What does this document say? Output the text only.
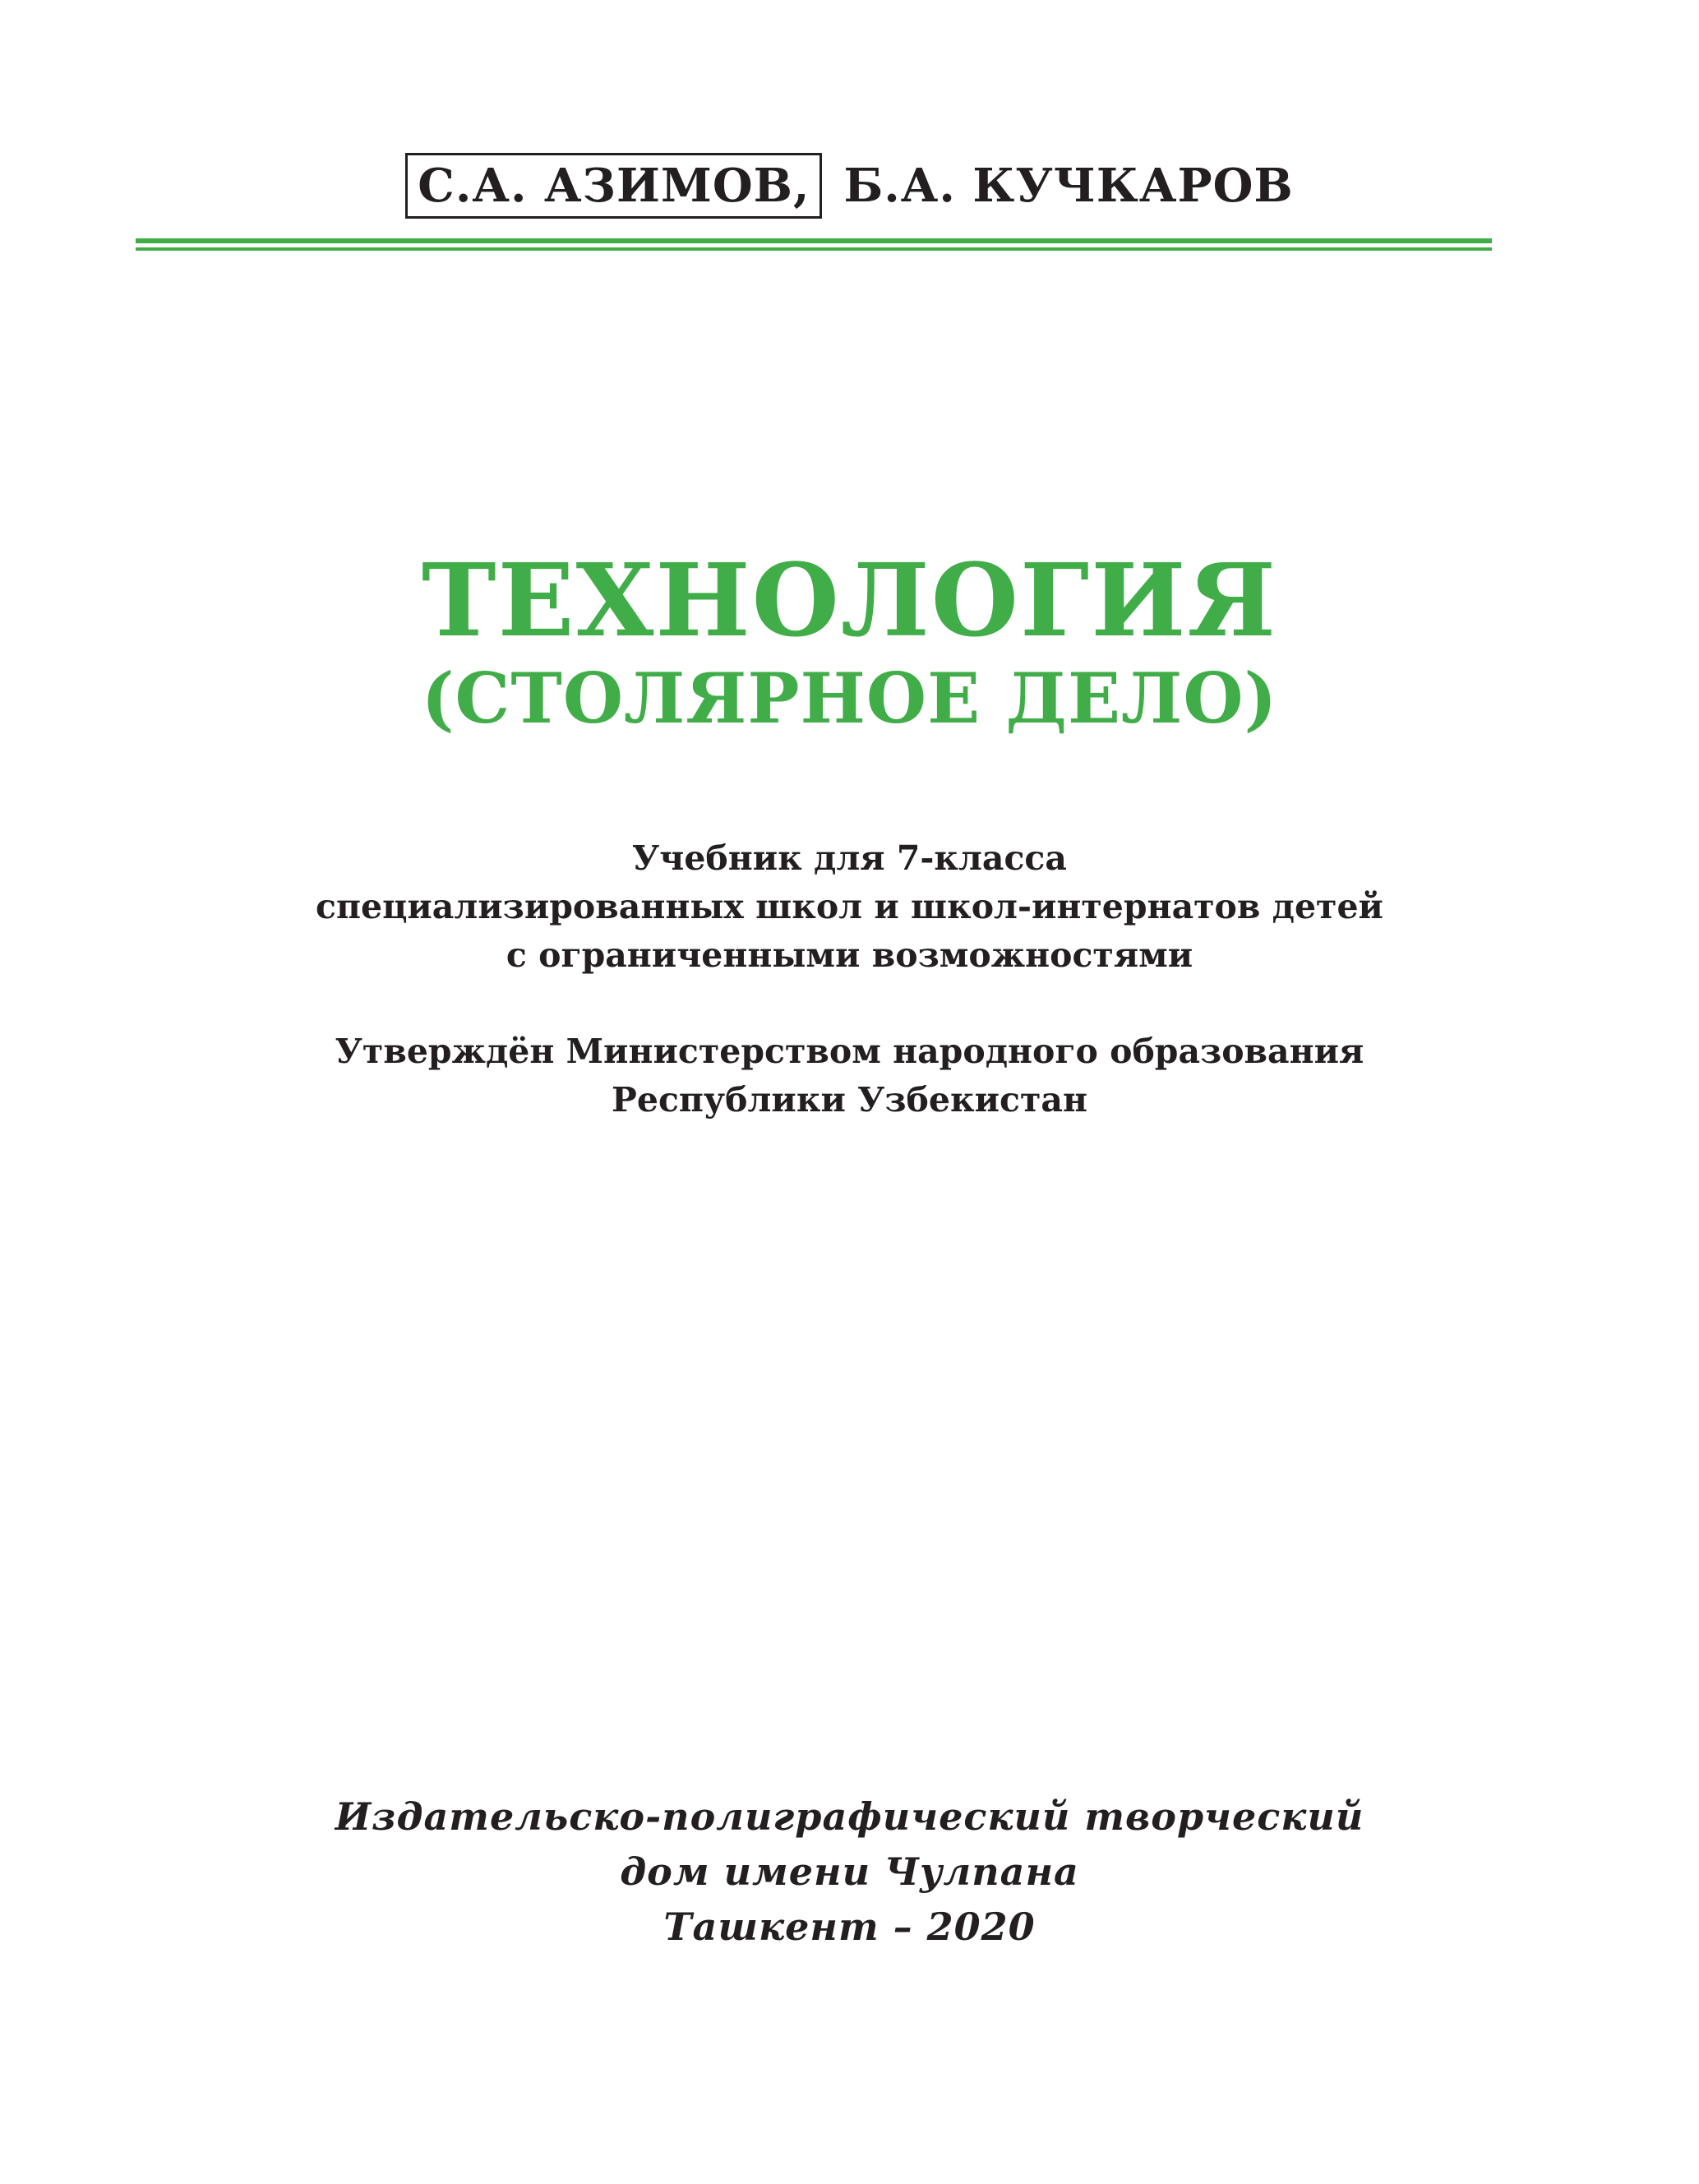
С.А. АЗИМОВ, Б.А. КУЧКАРОВ
ТЕХНОЛОГИЯ
(СТОЛЯРНОЕ ДЕЛО)
Учебник для 7-класса
специализированных школ и школ-интернатов детей
с ограниченными возможностями
Утверждён Министерством народного образования
Республики Узбекистан
Издательско-полиграфический творческий
дом имени Чулпана
Ташкент – 2020
